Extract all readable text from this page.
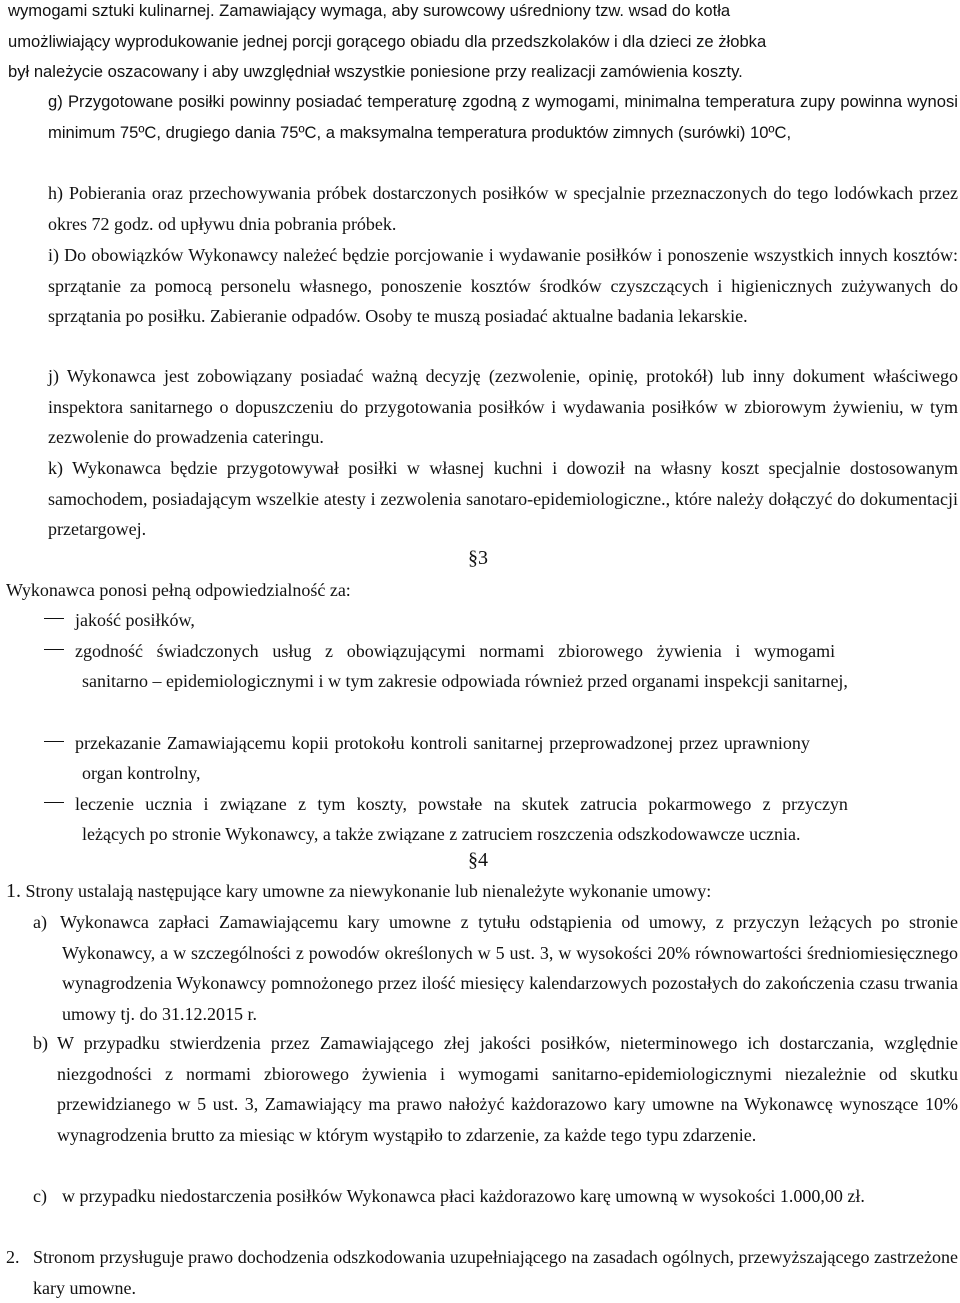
wymogami sztuki kulinarnej. Zamawiający wymaga, aby surowcowy uśredniony tzw. wsad do kotła
umożliwiający wyprodukowanie jednej porcji gorącego obiadu dla przedszkolaków i dla dzieci ze żłobka
był należycie oszacowany i aby uwzględniał wszystkie poniesione przy realizacji zamówienia koszty.

g) Przygotowane posiłki powinny posiadać temperaturę zgodną z wymogami, minimalna temperatura zupy powinna wynosi minimum 75ºC, drugiego dania 75ºC, a maksymalna temperatura produktów zimnych (surówki) 10ºC,

h) Pobierania oraz przechowywania próbek dostarczonych posiłków w specjalnie przeznaczonych do tego lodówkach przez okres 72 godz. od upływu dnia pobrania próbek.

i) Do obowiązków Wykonawcy należeć będzie porcjowanie i wydawanie posiłków i ponoszenie wszystkich innych kosztów: sprzątanie za pomocą personelu własnego, ponoszenie kosztów środków czyszczących i higienicznych zużywanych do sprzątania po posiłku. Zabieranie odpadów. Osoby te muszą posiadać aktualne badania lekarskie.

j) Wykonawca jest zobowiązany posiadać ważną decyzję (zezwolenie, opinię, protokół) lub inny dokument właściwego inspektora sanitarnego o dopuszczeniu do przygotowania posiłków i wydawania posiłków w zbiorowym żywieniu, w tym zezwolenie do prowadzenia cateringu.

k) Wykonawca będzie przygotowywał posiłki w własnej kuchni i dowoził na własny koszt specjalnie dostosowanym samochodem, posiadającym wszelkie atesty i zezwolenia sanotaro-epidemiologiczne., które należy dołączyć do dokumentacji przetargowej.

§3
Wykonawca ponosi pełną odpowiedzialność za:
jakość posiłków,
zgodność świadczonych usług z obowiązującymi normami zbiorowego żywienia i wymogami
sanitarno – epidemiologicznymi i w tym zakresie odpowiada również przed organami inspekcji sanitarnej,
przekazanie Zamawiającemu kopii protokołu kontroli sanitarnej przeprowadzonej przez uprawniony
organ kontrolny,
leczenie ucznia i związane z tym koszty, powstałe na skutek zatrucia pokarmowego z przyczyn
leżących po stronie Wykonawcy, a także związane z zatruciem roszczenia odszkodowawcze ucznia.
§4
1. Strony ustalają następujące kary umowne za niewykonanie lub nienależyte wykonanie umowy:
a) Wykonawca zapłaci Zamawiającemu kary umowne z tytułu odstąpienia od umowy, z przyczyn leżących po stronie Wykonawcy, a w szczególności z powodów określonych w 5 ust. 3, w wysokości 20% równowartości średniomiesięcznego wynagrodzenia Wykonawcy pomnożonego przez ilość miesięcy kalendarzowych pozostałych do zakończenia czasu trwania umowy tj. do 31.12.2015 r.
b) W przypadku stwierdzenia przez Zamawiającego złej jakości posiłków, nieterminowego ich dostarczania, względnie niezgodności z normami zbiorowego żywienia i wymogami sanitarno-epidemiologicznymi niezależnie od skutku przewidzianego w 5 ust. 3, Zamawiający ma prawo nałożyć każdorazowo kary umowne na Wykonawcę wynoszące 10% wynagrodzenia brutto za miesiąc w którym wystąpiło to zdarzenie, za każde tego typu zdarzenie.
c) w przypadku niedostarczenia posiłków Wykonawca płaci każdorazowo karę umowną w wysokości 1.000,00 zł.
2. Stronom przysługuje prawo dochodzenia odszkodowania uzupełniającego na zasadach ogólnych, przewyższającego zastrzeżone kary umowne.
